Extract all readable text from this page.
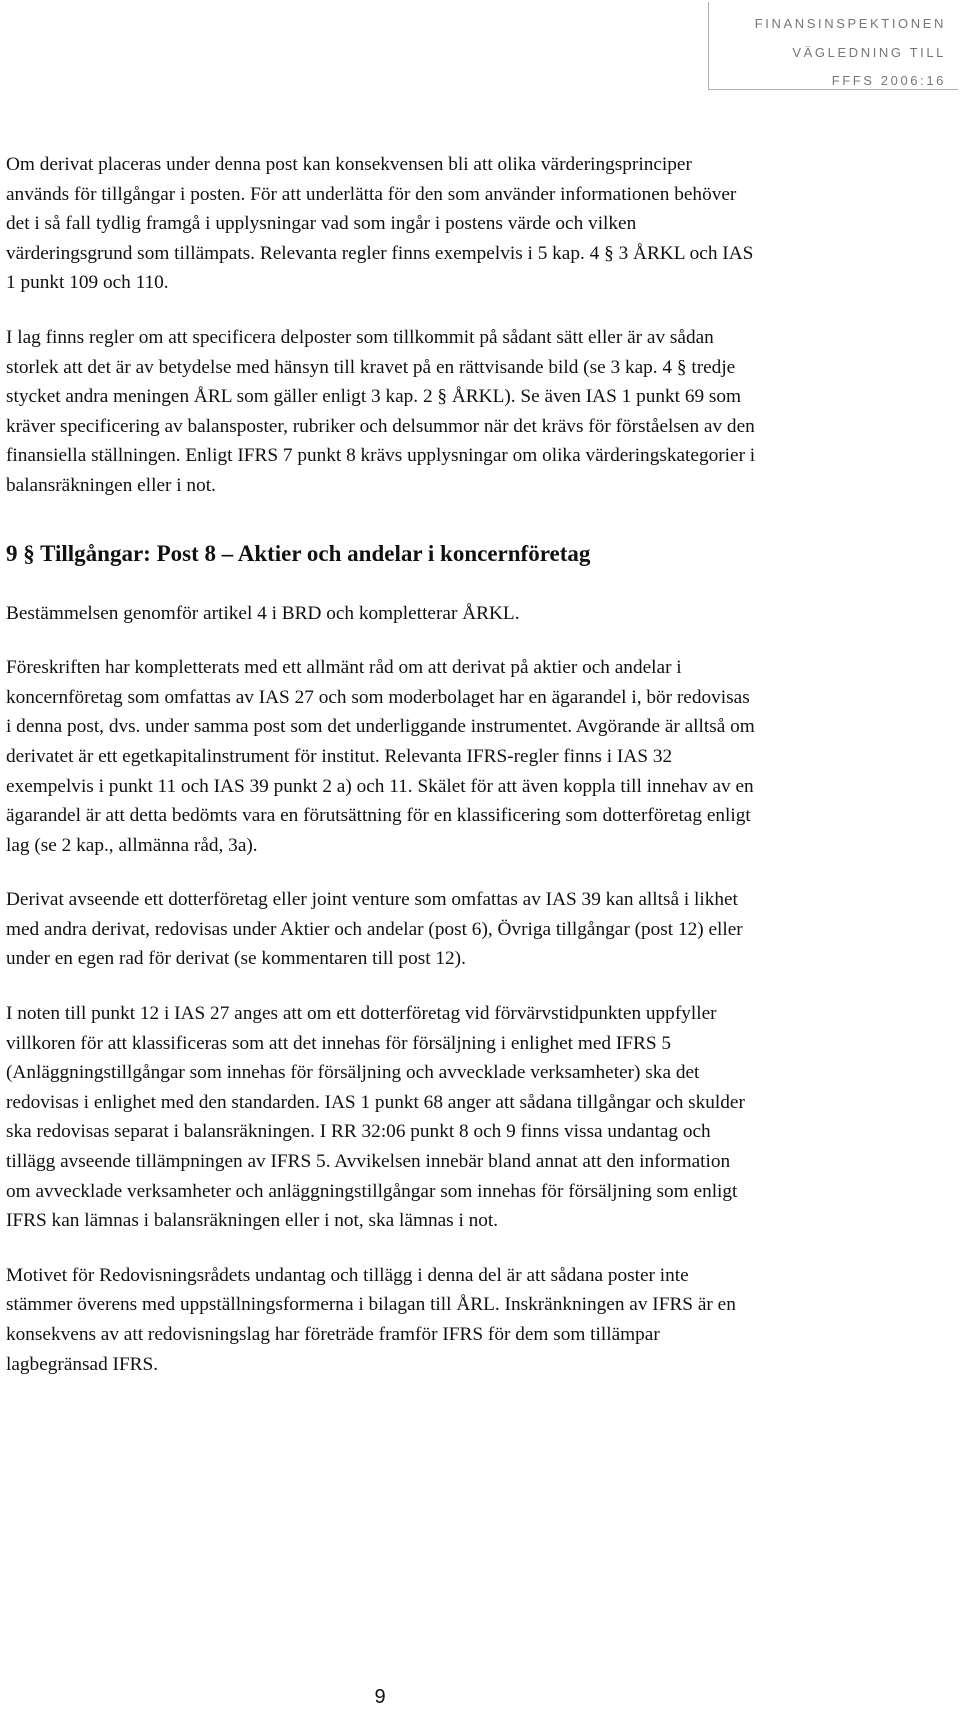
FINANSINSPEKTIONEN
VÄGLEDNING TILL
FFFS 2006:16

Om derivat placeras under denna post kan konsekvensen bli att olika värderingsprinciper används för tillgångar i posten. För att underlätta för den som använder informationen behöver det i så fall tydlig framgå i upplysningar vad som ingår i postens värde och vilken värderingsgrund som tillämpats. Relevanta regler finns exempelvis i 5 kap. 4 § 3 ÅRKL och IAS 1 punkt 109 och 110.

I lag finns regler om att specificera delposter som tillkommit på sådant sätt eller är av sådan storlek att det är av betydelse med hänsyn till kravet på en rättvisande bild (se 3 kap. 4 § tredje stycket andra meningen ÅRL som gäller enligt 3 kap. 2 § ÅRKL). Se även IAS 1 punkt 69 som kräver specificering av balansposter, rubriker och delsummor när det krävs för förståelsen av den finansiella ställningen. Enligt IFRS 7 punkt 8 krävs upplysningar om olika värderingskategorier i balansräkningen eller i not.

9 § Tillgångar: Post 8 – Aktier och andelar i koncernföretag

Bestämmelsen genomför artikel 4 i BRD och kompletterar ÅRKL.

Föreskriften har kompletterats med ett allmänt råd om att derivat på aktier och andelar i koncernföretag som omfattas av IAS 27 och som moderbolaget har en ägarandel i, bör redovisas i denna post, dvs. under samma post som det underliggande instrumentet. Avgörande är alltså om derivatet är ett egetkapitalinstrument för institut. Relevanta IFRS-regler finns i IAS 32 exempelvis i punkt 11 och IAS 39 punkt 2 a) och 11. Skälet för att även koppla till innehav av en ägarandel är att detta bedömts vara en förutsättning för en klassificering som dotterföretag enligt lag (se 2 kap., allmänna råd, 3a).

Derivat avseende ett dotterföretag eller joint venture som omfattas av IAS 39 kan alltså i likhet med andra derivat, redovisas under Aktier och andelar (post 6), Övriga tillgångar (post 12) eller under en egen rad för derivat (se kommentaren till post 12).

I noten till punkt 12 i IAS 27 anges att om ett dotterföretag vid förvärvstidpunkten uppfyller villkoren för att klassificeras som att det innehas för försäljning i enlighet med IFRS 5 (Anläggningstillgångar som innehas för försäljning och avvecklade verksamheter) ska det redovisas i enlighet med den standarden. IAS 1 punkt 68 anger att sådana tillgångar och skulder ska redovisas separat i balansräkningen. I RR 32:06 punkt 8 och 9 finns vissa undantag och tillägg avseende tillämpningen av IFRS 5. Avvikelsen innebär bland annat att den information om avvecklade verksamheter och anläggningstillgångar som innehas för försäljning som enligt IFRS kan lämnas i balansräkningen eller i not, ska lämnas i not.

Motivet för Redovisningsrådets undantag och tillägg i denna del är att sådana poster inte stämmer överens med uppställningsformerna i bilagan till ÅRL. Inskränkningen av IFRS är en konsekvens av att redovisningslag har företräde framför IFRS för dem som tillämpar lagbegränsad IFRS.

9
